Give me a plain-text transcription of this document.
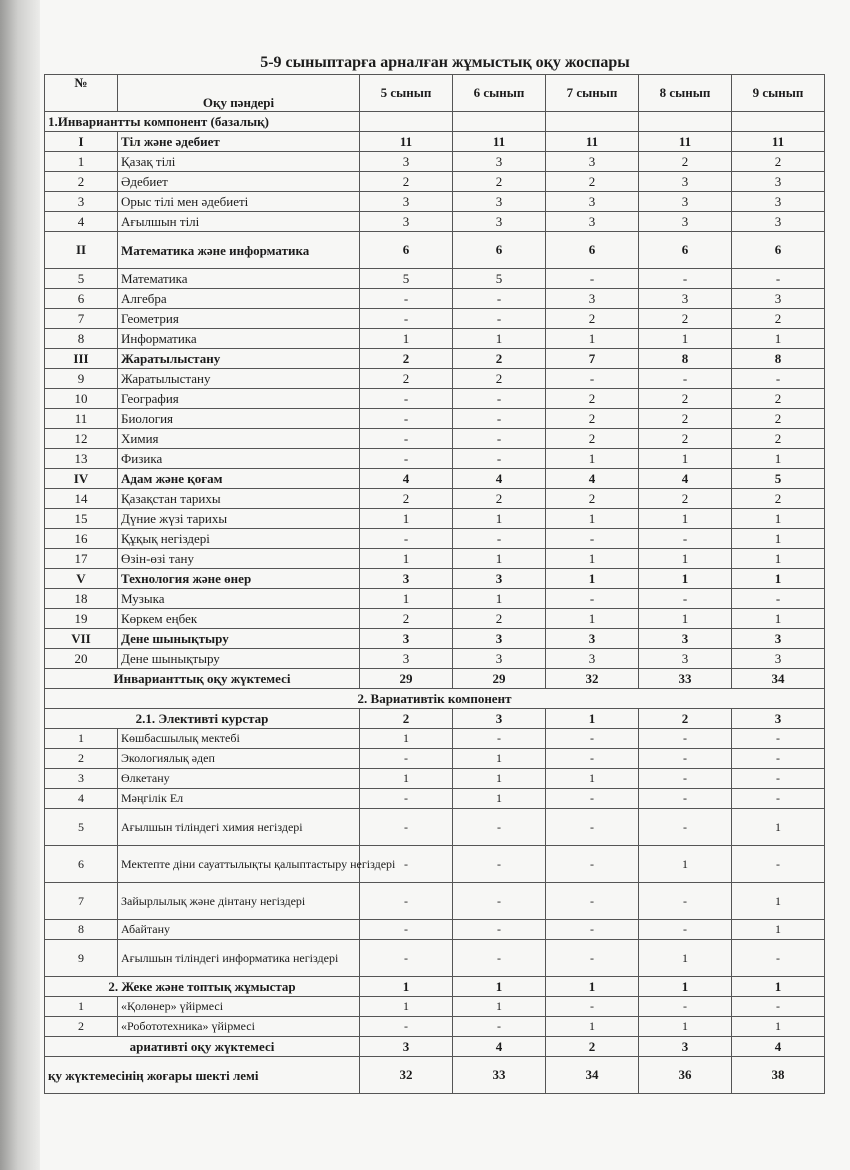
5-9 сыныптарға арналған жұмыстық оқу жоспары
№	Оқу пәндері	5 сынып	6 сынып	7 сынып	8 сынып	9 сынып
1.Инвариантты компонент (базалық)						
I	Тіл және әдебиет	11	11	11	11	11
1	Қазақ тілі	3	3	3	2	2
2	Әдебиет	2	2	2	3	3
3	Орыс тілі мен әдебиеті	3	3	3	3	3
4	Ағылшын тілі	3	3	3	3	3
II	Математика және информатика	6	6	6	6	6
5	Математика	5	5	-	-	-
6	Алгебра	-	-	3	3	3
7	Геометрия	-	-	2	2	2
8	Информатика	1	1	1	1	1
III	Жаратылыстану	2	2	7	8	8
9	Жаратылыстану	2	2	-	-	-
10	География	-	-	2	2	2
11	Биология	-	-	2	2	2
12	Химия	-	-	2	2	2
13	Физика	-	-	1	1	1
IV	Адам және қоғам	4	4	4	4	5
14	Қазақстан тарихы	2	2	2	2	2
15	Дүние жүзі тарихы	1	1	1	1	1
16	Құқық негіздері	-	-	-	-	1
17	Өзін-өзі тану	1	1	1	1	1
V	Технология және өнер	3	3	1	1	1
18	Музыка	1	1	-	-	-
19	Көркем еңбек	2	2	1	1	1
VII	Дене шынықтыру	3	3	3	3	3
20	Дене шынықтыру	3	3	3	3	3
Инварианттық оқу жүктемесі		29	29	32	33	34
2. Вариативтік компонент						
2.1. Элективті курстар		2	3	1	2	3
1	Көшбасшылық мектебі	1	-	-	-	-
2	Экологиялық әдеп	-	1	-	-	-
3	Өлкетану	1	1	1	-	-
4	Мәңгілік Ел	-	1	-	-	-
5	Ағылшын тіліндегі химия негіздері	-	-	-	-	1
6	Мектепте діни сауаттылықты қалыптастыру негіздері	-	-	-	1	-
7	Зайырлылық және дінтану негіздері	-	-	-	-	1
8	Абайтану	-	-	-	-	1
9	Ағылшын тіліндегі информатика негіздері	-	-	-	1	-
2. Жеке және топтық жұмыстар		1	1	1	1	1
1	«Қолөнер» үйірмесі	1	1	-	-	-
2	«Робототехника» үйірмесі	-	-	1	1	1
ариативті оқу жүктемесі		3	4	2	3	4
қу жүктемесінің жоғары шекті лемі		32	33	34	36	38
